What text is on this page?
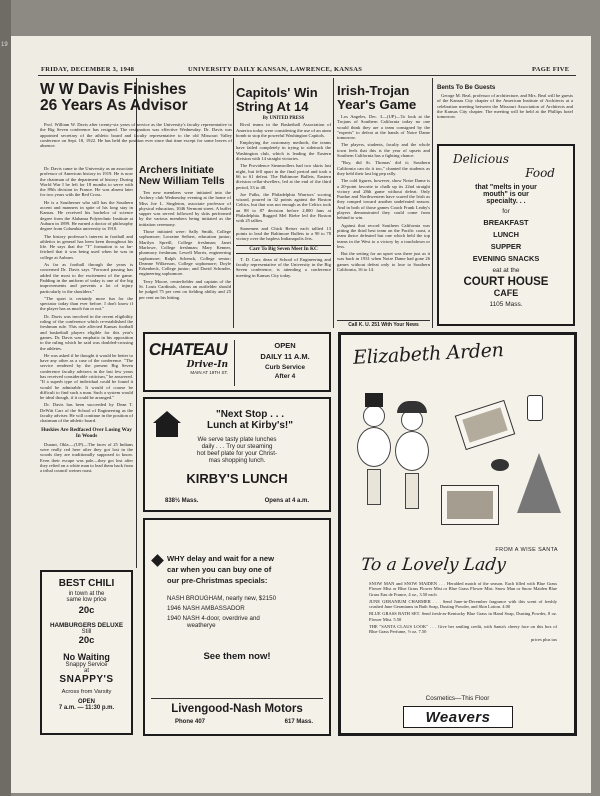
19
FRIDAY, DECEMBER 3, 1948	UNIVERSITY DAILY KANSAN, LAWRENCE, KANSAS	PAGE FIVE
W W Davis Finishes
26 Years As Advisor

Prof. William W. Davis after twenty-six years of service as the University's faculty representative to the Big Seven conference has resigned. The resignation was effective Wednesday. Dr. Davis was appointed secretary of the athletic board and faculty representative to the old Missouri Valley conference on Sept. 18, 1922. He has held the position ever since that time except for some leaves of absence.

Dr. Davis came to the University as an associate professor of American history in 1919. He is now the chairman of the department of history. During World War I he left for 18 months to serve with the 89th division in France. He was absent later for two years with the Red Cross.

He is a Southerner who still has the Southern accent and manners in spite of his long stay in Kansas. He received his bachelor of science degree from the Alabama Polytechnic Institute at Auburn in 1899. He earned a doctor of philosophy degree from Columbia university in 1910.

The history professor's interest in football and athletics in general has been keen throughout his life. He says that the "T" formation is so far-fetched that it was being used when he was in college at Auburn.

As far as football through the years is concerned Dr. Davis says "Forward passing has added the most to the excitement of the game. Padding in the uniform of today is one of the big improvements and prevents a lot of injury particularly to the shoulders."

"The sport is certainly more fun for the spectator today than ever before. I don't know if the player has as much fun or not."

Dr. Davis was involved in the recent eligibility ruling of the conference which re-established the freshman rule. This rule affected Kansas football and basketball players eligible for this year's games. Dr. Davis was emphatic in his opposition to the ruling which he said was doubled-crossing the athletes.

He was asked if he thought it would be better to have any other as a case of the conference. "The service rendered by the present Big Seven conference faculty advisers in the last few years has received considerable criticism," he answered. "If a superb type of individual could be found it would be admirable. It would of course be difficult to find such a man. Such a system would be ideal though, if it could be arranged."

Dr. Davis has been succeeded by Dean T. DeWitt Carr of the School of Engineering as the faculty adviser. He will continue in the position of chairman of the athletic board.

Huskies Are Redfaced Over Losing Way In Woods

Durant, Okla.—(UP)—The faces of 25 Indians were really red here after they got lost in the woods they are traditionally supposed to know. Even their escape was pale—they got lost after they relied on a white man to lead them back from a tribal council weiner roast.

BEST CHILI
in town at the
same low price
20c
HAMBURGERS DELUXE
Still
20c
No Waiting
Snappy Service
at
SNAPPY'S
Across from Varsity
OPEN
7 a.m. — 11:30 p.m.
Archers Initiate
New William Tells

Ten new members were initiated into the Archery club Wednesday evening at the home of Miss Joe L. Singleton, associate professor of physical education, 1046 Vermont street. A buffet supper was served followed by skits performed by the various members being initiated as the initiation ceremony.

Those initiated were: Sally Smith, College sophomore; Lorraine Seibert, education junior; Marilyn Spreill, College freshman; Janet Marlowe, College freshman; Mary Kenner, pharmacy freshman; Lewell Morris, engineering sophomore; Ralph Schenck, College senior; Deanne Wilkerson, College sophomore; Doyle Erkenbeck, College junior; and David Schruder, engineering sophomore.

Terry Moore, centerfielder and captain of the St. Louis Cardinals, claims an outfielder should be judged 75 per cent on fielding ability and 25 per cent on his hitting.

Capitols' Win
String At 14
By UNITED PRESS

Rival teams in the Basketball Association of America today were considering the use of an atom bomb to stop the powerful Washington Capitols.

Employing the customary methods, the teams have failed completely in trying to sidetrack the Washington club, which is leading the Eastern division with 14 straight victories.

The Providence Steamrollers had two skirts last night, but fell apart in the final period and took a 66 to 61 defeat. The Baltimore Bullets, Eastern division cellar-dwellers, led at the end of the third period, 53 to 48.

Joe Fulks, the Philadelphia Warriors' scoring wizard, poured in 32 points against the Boston Celtics, but that was not enough as the Celtics took an 88 to 87 decision before 2,800 fans at Philadelphia. Rugged Mel Riebe led the Boston with 25 tallies.

Stonemen and Chick Reiser each tallied 13 points to lead the Baltimore Bullets to a 90 to 78 victory over the hapless Indianapolis Jets.

Carr To Big Seven Meet In KC

T. D. Carr, dean of School of Engineering and faculty representative of the University in the Big Seven conference, is attending a conference meeting in Kansas City today.

Irish-Trojan
Year's Game

Los Angeles, Dec. 3—(UP)—To look at the Trojans of Southern California today no one would think they are a team consigned by the "experts" to defeat at the hands of Notre Dame tomorrow.

The players, students, faculty and the whole town feels that this is the year of upsets and Southern California has a fighting chance.

"Boy, did St. Thomas' did it; Southern California can do it too," chanted the students as they held their last big pep rally.

The cold figures, however, show Notre Dame is a 20-point favorite to chalk up its 22nd straight victory and 28th game without defeat. Only Purdue and Northwestern have scared the Irish as they romped toward another undefeated season. And in both of those games Coach Frank Leahy's players demonstrated they could come from behind to win.

Against that record Southern California was pitting the third best team on the Pacific coast, a team thrice defeated but one which held the top teams in the West to a victory by a touchdown or less.

But the setting for an upset was there just as it was back in 1931 when Notre Dame had gone 26 games without defeat only to lose to Southern California, 16 to 14.

Call K. U. 251 With Your News
Bents To Be Guests

George M. Beal, professor of architecture, and Mrs. Beal will be guests of the Kansas City chapter of the American Institute of Architects at a celebration meeting between the Missouri Association of Architects and the Kansas City chapter. The meeting will be held at the Phillips hotel tomorrow.

Delicious
Food
that "melts in your
mouth" is our
specialty. . .
for
BREAKFAST
LUNCH
SUPPER
EVENING SNACKS
eat at the
COURT HOUSE
CAFE
1105 Mass.
CHATEAU
Drive-In
MAIN AT 19TH ST.
OPEN
DAILY 11 A.M.
Curb Service
After 4
"Next Stop . . .
Lunch at Kirby's!"
We serve tasty plate lunches
daily . . . Try our steaming
hot beef plate for your Christ-
mas shopping lunch.
KIRBY'S LUNCH
838½ Mass.	Opens at 4 a.m.
WHY delay and wait for a new
car when you can buy one of
our pre-Christmas specials:
NASH BROUGHAM, nearly new, $2150
1946 NASH AMBASSADOR
1940 NASH 4-door, overdrive and
weatherye
See them now!
Livengood-Nash Motors
Phone 407	617 Mass.
Elizabeth Arden
FROM A WISE SANTA
To a Lovely Lady

SNOW MAN and SNOW MAIDEN . . . Heralded match of the season. Each filled with Blue Grass Flower Mist or Blue Grass Flower Mist or Blue Grass Flower Mist. Snow Man or Snow Maiden Blue Grass Eau de France, 4 oz., 3.50 each

JUNE GERANIUM CHARMER . . . Send June-in-December fragrance with this scent of freshly crushed June Geraniums in Bath Soap, Dusting Powder, and Skin Lotion. 4.00

BLUE GRASS BATH SET. Send fresh-as-Kentucky Blue Grass in Hand Soap, Dusting Powder, 8 oz. Flower Mist. 5.50

THE "SANTA CLAUS LOOK" . . . Give her smiling credit, with Santa's cheery face on this box of Blue Grass Perfume, ½ oz. 7.50

prices plus tax

Cosmetics—This Floor
Weavers
